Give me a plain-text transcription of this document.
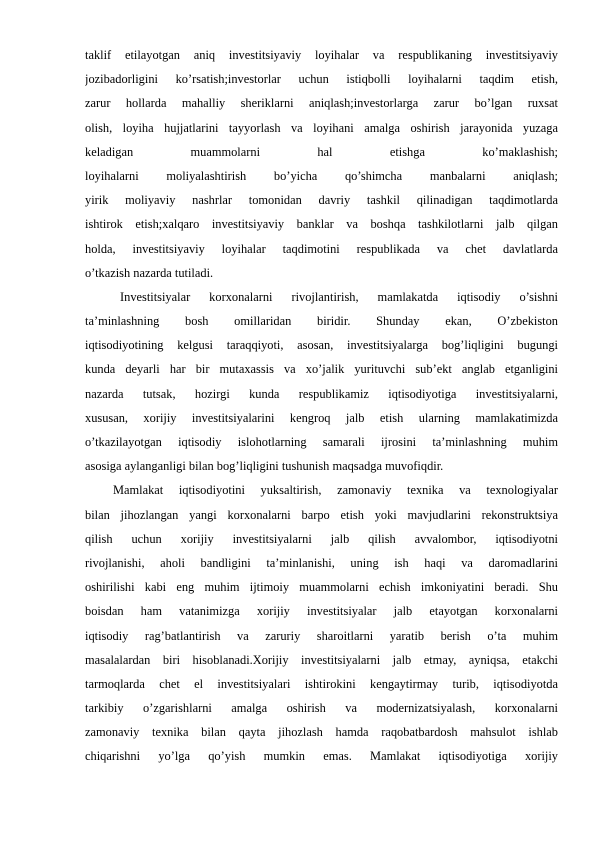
taklif etilayotgan aniq investitsiyaviy loyihalar va respublikaning investitsiyaviy
jozibadorligini ko’rsatish;investorlar uchun istiqbolli loyihalarni taqdim etish,
zarur hollarda mahalliy sheriklarni aniqlash;investorlarga zarur bo’lgan ruxsat
olish, loyiha hujjatlarini tayyorlash va loyihani amalga oshirish jarayonida yuzaga
keladigan muammolarni hal etishga ko’maklashish;
loyihalarni moliyalashtirish bo’yicha qo’shimcha manbalarni aniqlash;
yirik moliyaviy nashrlar tomonidan davriy tashkil qilinadigan taqdimotlarda
ishtirok etish;xalqaro investitsiyaviy banklar va boshqa tashkilotlarni jalb qilgan
holda, investitsiyaviy loyihalar taqdimotini respublikada va chet davlatlarda
o’tkazish nazarda tutiladi.
Investitsiyalar korxonalarni rivojlantirish, mamlakatda iqtisodiy o’sishni
ta’minlashning bosh omillaridan biridir. Shunday ekan, O’zbekiston
iqtisodiyotining kelgusi taraqqiyoti, asosan, investitsiyalarga bog’liqligini bugungi
kunda deyarli har bir mutaxassis va xo’jalik yurituvchi sub’ekt anglab etganligini
nazarda tutsak, hozirgi kunda respublikamiz iqtisodiyotiga investitsiyalarni,
xususan, xorijiy investitsiyalarini kengroq jalb etish ularning mamlakatimizda
o’tkazilayotgan iqtisodiy islohotlarning samarali ijrosini ta’minlashning muhim
asosiga aylanganligi bilan bog’liqligini tushunish maqsadga muvofiqdir.
Mamlakat iqtisodiyotini yuksaltirish, zamonaviy texnika va texnologiyalar
bilan jihozlangan yangi korxonalarni barpo etish yoki mavjudlarini rekonstruktsiya
qilish uchun xorijiy investitsiyalarni jalb qilish avvalombor, iqtisodiyotni
rivojlanishi, aholi bandligini ta’minlanishi, uning ish haqi va daromadlarini
oshirilishi kabi eng muhim ijtimoiy muammolarni echish imkoniyatini beradi. Shu
boisdan ham vatanimizga xorijiy investitsiyalar jalb etayotgan korxonalarni
iqtisodiy rag’batlantirish va zaruriy sharoitlarni yaratib berish o’ta muhim
masalalardan biri hisoblanadi.Xorijiy investitsiyalarni jalb etmay, ayniqsa, etakchi
tarmoqlarda chet el investitsiyalari ishtirokini kengaytirmay turib, iqtisodiyotda
tarkibiy o’zgarishlarni amalga oshirish va modernizatsiyalash, korxonalarni
zamonaviy texnika bilan qayta jihozlash hamda raqobatbardosh mahsulot ishlab
chiqarishni yo’lga qo’yish mumkin emas. Mamlakat iqtisodiyotiga xorijiy
